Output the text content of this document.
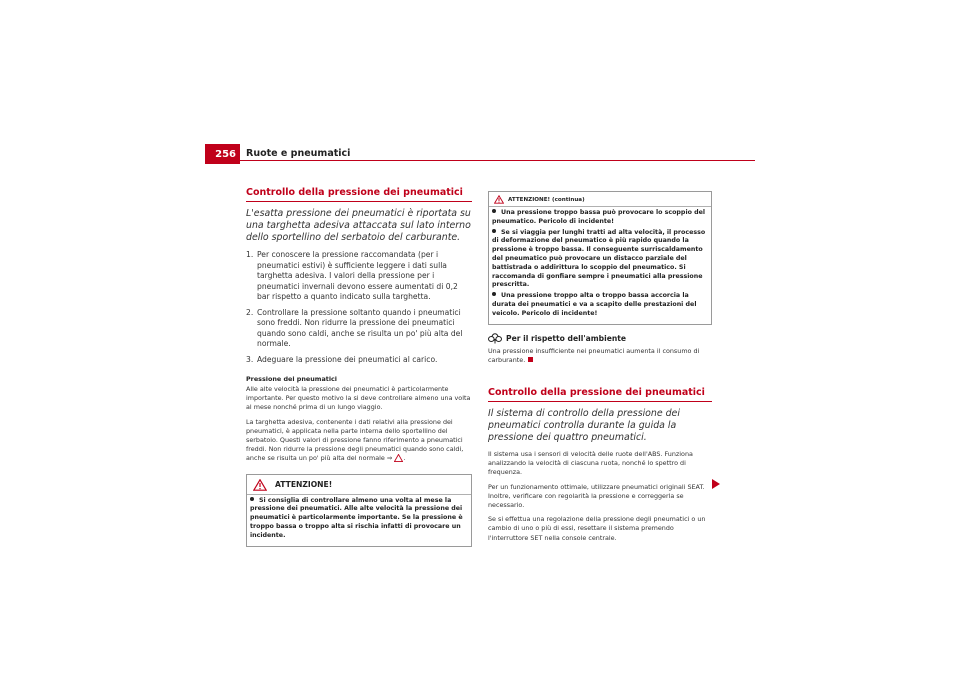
256	Ruote e pneumatici
Controllo della pressione dei pneumatici

L'esatta pressione dei pneumatici è riportata su una targhetta adesiva attaccata sul lato interno dello sportellino del serbatoio del carburante.

1. Per conoscere la pressione raccomandata (per i pneumatici estivi) è sufficiente leggere i dati sulla targhetta adesiva. I valori della pressione per i pneumatici invernali devono essere aumentati di 0,2 bar rispetto a quanto indicato sulla targhetta.
2. Controllare la pressione soltanto quando i pneumatici sono freddi. Non ridurre la pressione dei pneumatici quando sono caldi, anche se risulta un po' più alta del normale.
3. Adeguare la pressione dei pneumatici al carico.
Pressione dei pneumatici

Alle alte velocità la pressione dei pneumatici è particolarmente importante. Per questo motivo la si deve controllare almeno una volta al mese nonché prima di un lungo viaggio.

La targhetta adesiva, contenente i dati relativi alla pressione dei pneumatici, è applicata nella parte interna dello sportellino del serbatoio. Questi valori di pressione fanno riferimento a pneumatici freddi. Non ridurre la pressione degli pneumatici quando sono caldi, anche se risulta un po' più alta del normale ⇒ .

ATTENZIONE!

Si consiglia di controllare almeno una volta al mese la pressione dei pneumatici. Alle alte velocità la pressione dei pneumatici è particolarmente importante. Se la pressione è troppo bassa o troppo alta si rischia infatti di provocare un incidente.

ATTENZIONE! (continua)

Una pressione troppo bassa può provocare lo scoppio del pneumatico. Pericolo di incidente!

Se si viaggia per lunghi tratti ad alta velocità, il processo di deformazione del pneumatico è più rapido quando la pressione è troppo bassa. Il conseguente surriscaldamento del pneumatico può provocare un distacco parziale del battistrada o addirittura lo scoppio del pneumatico. Si raccomanda di gonfiare sempre i pneumatici alla pressione prescritta.

Una pressione troppo alta o troppo bassa accorcia la durata dei pneumatici e va a scapito delle prestazioni del veicolo. Pericolo di incidente!

Per il rispetto dell'ambiente

Una pressione insufficiente nei pneumatici aumenta il consumo di carburante.

Controllo della pressione dei pneumatici

Il sistema di controllo della pressione dei pneumatici controlla durante la guida la pressione dei quattro pneumatici.

Il sistema usa i sensori di velocità delle ruote dell'ABS. Funziona analizzando la velocità di ciascuna ruota, nonché lo spettro di frequenza.

Per un funzionamento ottimale, utilizzare pneumatici originali SEAT. Inoltre, verificare con regolarità la pressione e correggerla se necessario.

Se si effettua una regolazione della pressione degli pneumatici o un cambio di uno o più di essi, resettare il sistema premendo l'interruttore SET nella console centrale.
